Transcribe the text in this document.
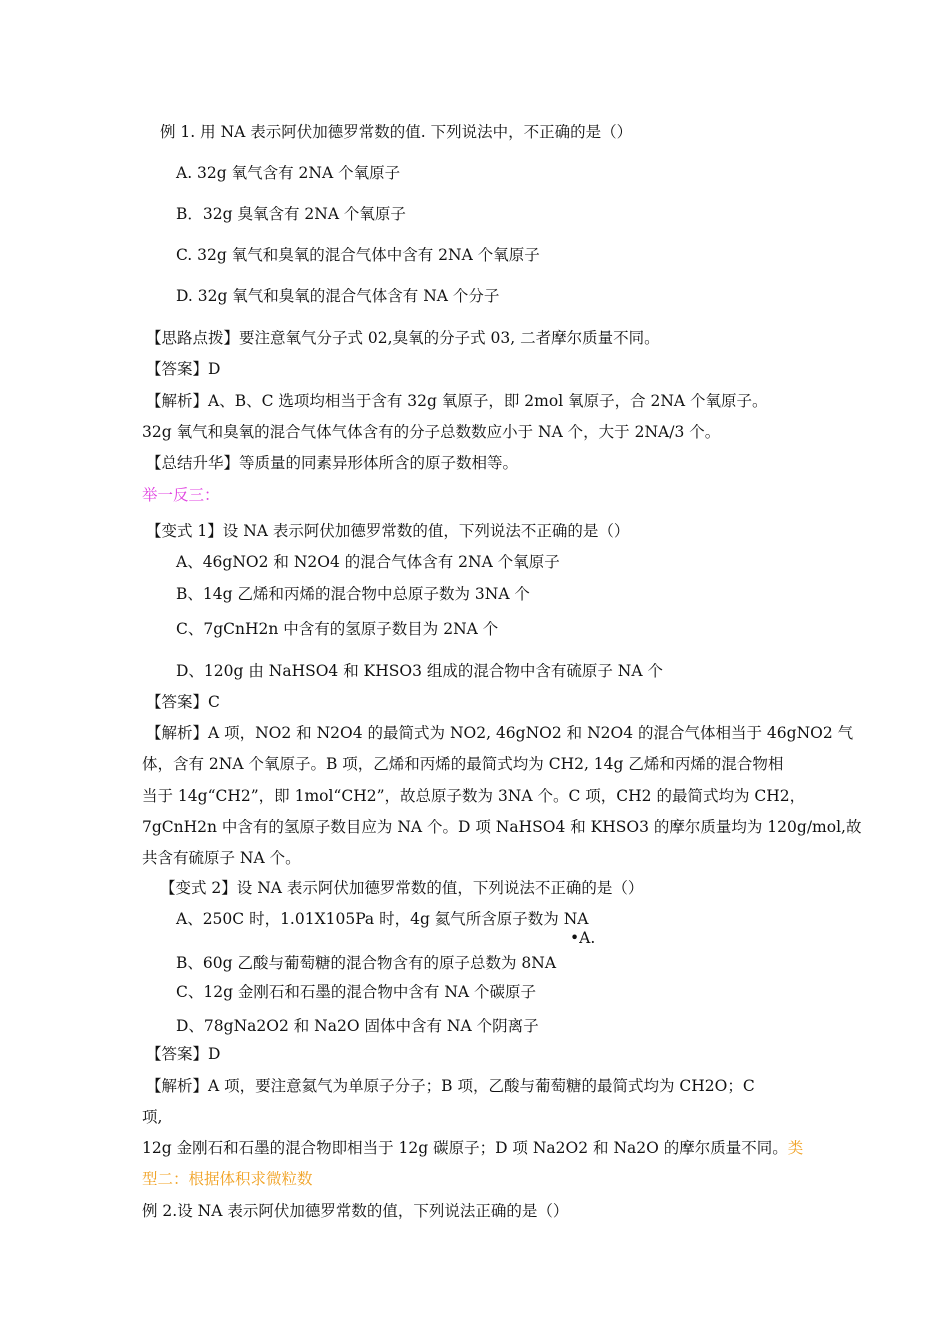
例 1. 用 NA 表示阿伏加德罗常数的值. 下列说法中，不正确的是（）
A. 32g 氧气含有 2NA 个氧原子
B．32g 臭氧含有 2NA 个氧原子
C. 32g 氧气和臭氧的混合气体中含有 2NA 个氧原子
D. 32g 氧气和臭氧的混合气体含有 NA 个分子
【思路点拨】要注意氧气分子式 02,臭氧的分子式 03, 二者摩尔质量不同。
【答案】D
【解析】A、B、C 选项均相当于含有 32g 氧原子，即 2mol 氧原子，合 2NA 个氧原子。
32g 氧气和臭氧的混合气体气体含有的分子总数数应小于 NA 个，大于 2NA/3 个。
【总结升华】等质量的同素异形体所含的原子数相等。
举一反三：
【变式 1】设 NA 表示阿伏加德罗常数的值，下列说法不正确的是（）
A、46gNO2 和 N2O4 的混合气体含有 2NA 个氧原子
B、14g 乙烯和丙烯的混合物中总原子数为 3NA 个
C、7gCnH2n 中含有的氢原子数目为 2NA 个
D、120g 由 NaHSO4 和 KHSO3 组成的混合物中含有硫原子 NA 个
【答案】C
【解析】A 项，NO2 和 N2O4 的最简式为 NO2, 46gNO2 和 N2O4 的混合气体相当于 46gNO2 气
体，含有 2NA 个氧原子。B 项，乙烯和丙烯的最简式均为 CH2, 14g 乙烯和丙烯的混合物相
当于 14g“CH2”，即 1mol“CH2”，故总原子数为 3NA 个。C 项，CH2 的最简式均为 CH2，
7gCnH2n 中含有的氢原子数目应为 NA 个。D 项 NaHSO4 和 KHSO3 的摩尔质量均为 120g/mol,故
共含有硫原子 NA 个。
【变式 2】设 NA 表示阿伏加德罗常数的值，下列说法不正确的是（）
A、250C 时，1.01X105Pa 时，4g 氦气所含原子数为 NA
•A.
B、60g 乙酸与葡萄糖的混合物含有的原子总数为 8NA
C、12g 金刚石和石墨的混合物中含有 NA 个碳原子
D、78gNa2O2 和 Na2O 固体中含有 NA 个阴离子
【答案】D
【解析】A 项，要注意氦气为单原子分子；B 项，乙酸与葡萄糖的最简式均为 CH2O；C
项,
12g 金刚石和石墨的混合物即相当于 12g 碳原子；D 项 Na2O2 和 Na2O 的摩尔质量不同。类
型二：根据体积求微粒数
例 2.设 NA 表示阿伏加德罗常数的值，下列说法正确的是（）
